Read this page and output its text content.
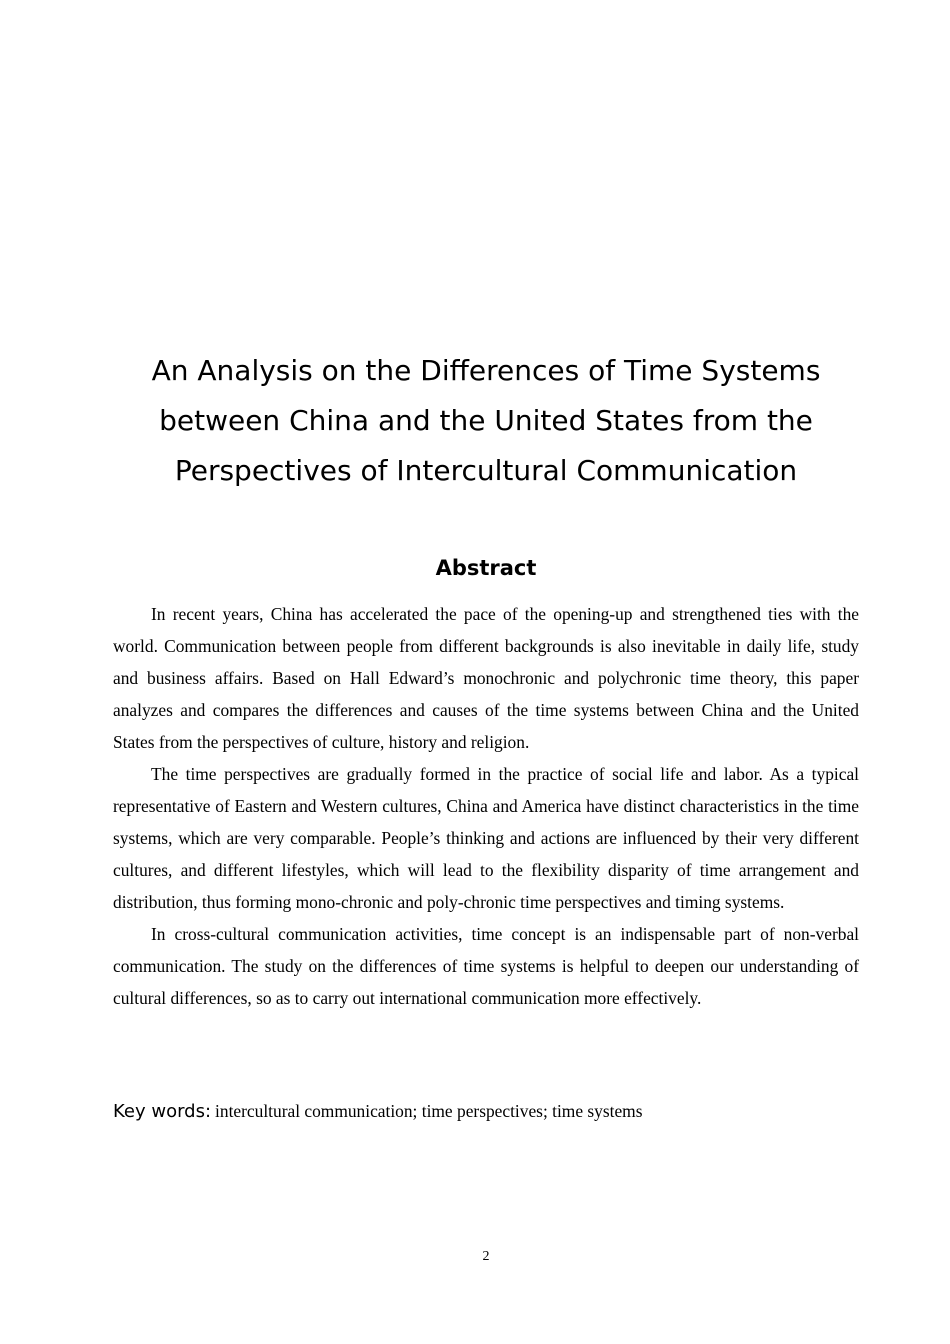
An Analysis on the Differences of Time Systems
between China and the United States from the
Perspectives of Intercultural Communication
Abstract

In recent years, China has accelerated the pace of the opening-up and strengthened ties with the world. Communication between people from different backgrounds is also inevitable in daily life, study and business affairs. Based on Hall Edward’s monochronic and polychronic time theory, this paper analyzes and compares the differences and causes of the time systems between China and the United States from the perspectives of culture, history and religion.

The time perspectives are gradually formed in the practice of social life and labor. As a typical representative of Eastern and Western cultures, China and America have distinct characteristics in the time systems, which are very comparable. People’s thinking and actions are influenced by their very different cultures, and different lifestyles, which will lead to the flexibility disparity of time arrangement and distribution, thus forming mono-chronic and poly-chronic time perspectives and timing systems.

In cross-cultural communication activities, time concept is an indispensable part of non-verbal communication. The study on the differences of time systems is helpful to deepen our understanding of cultural differences, so as to carry out international communication more effectively.

Key words: intercultural communication; time perspectives; time systems
2
